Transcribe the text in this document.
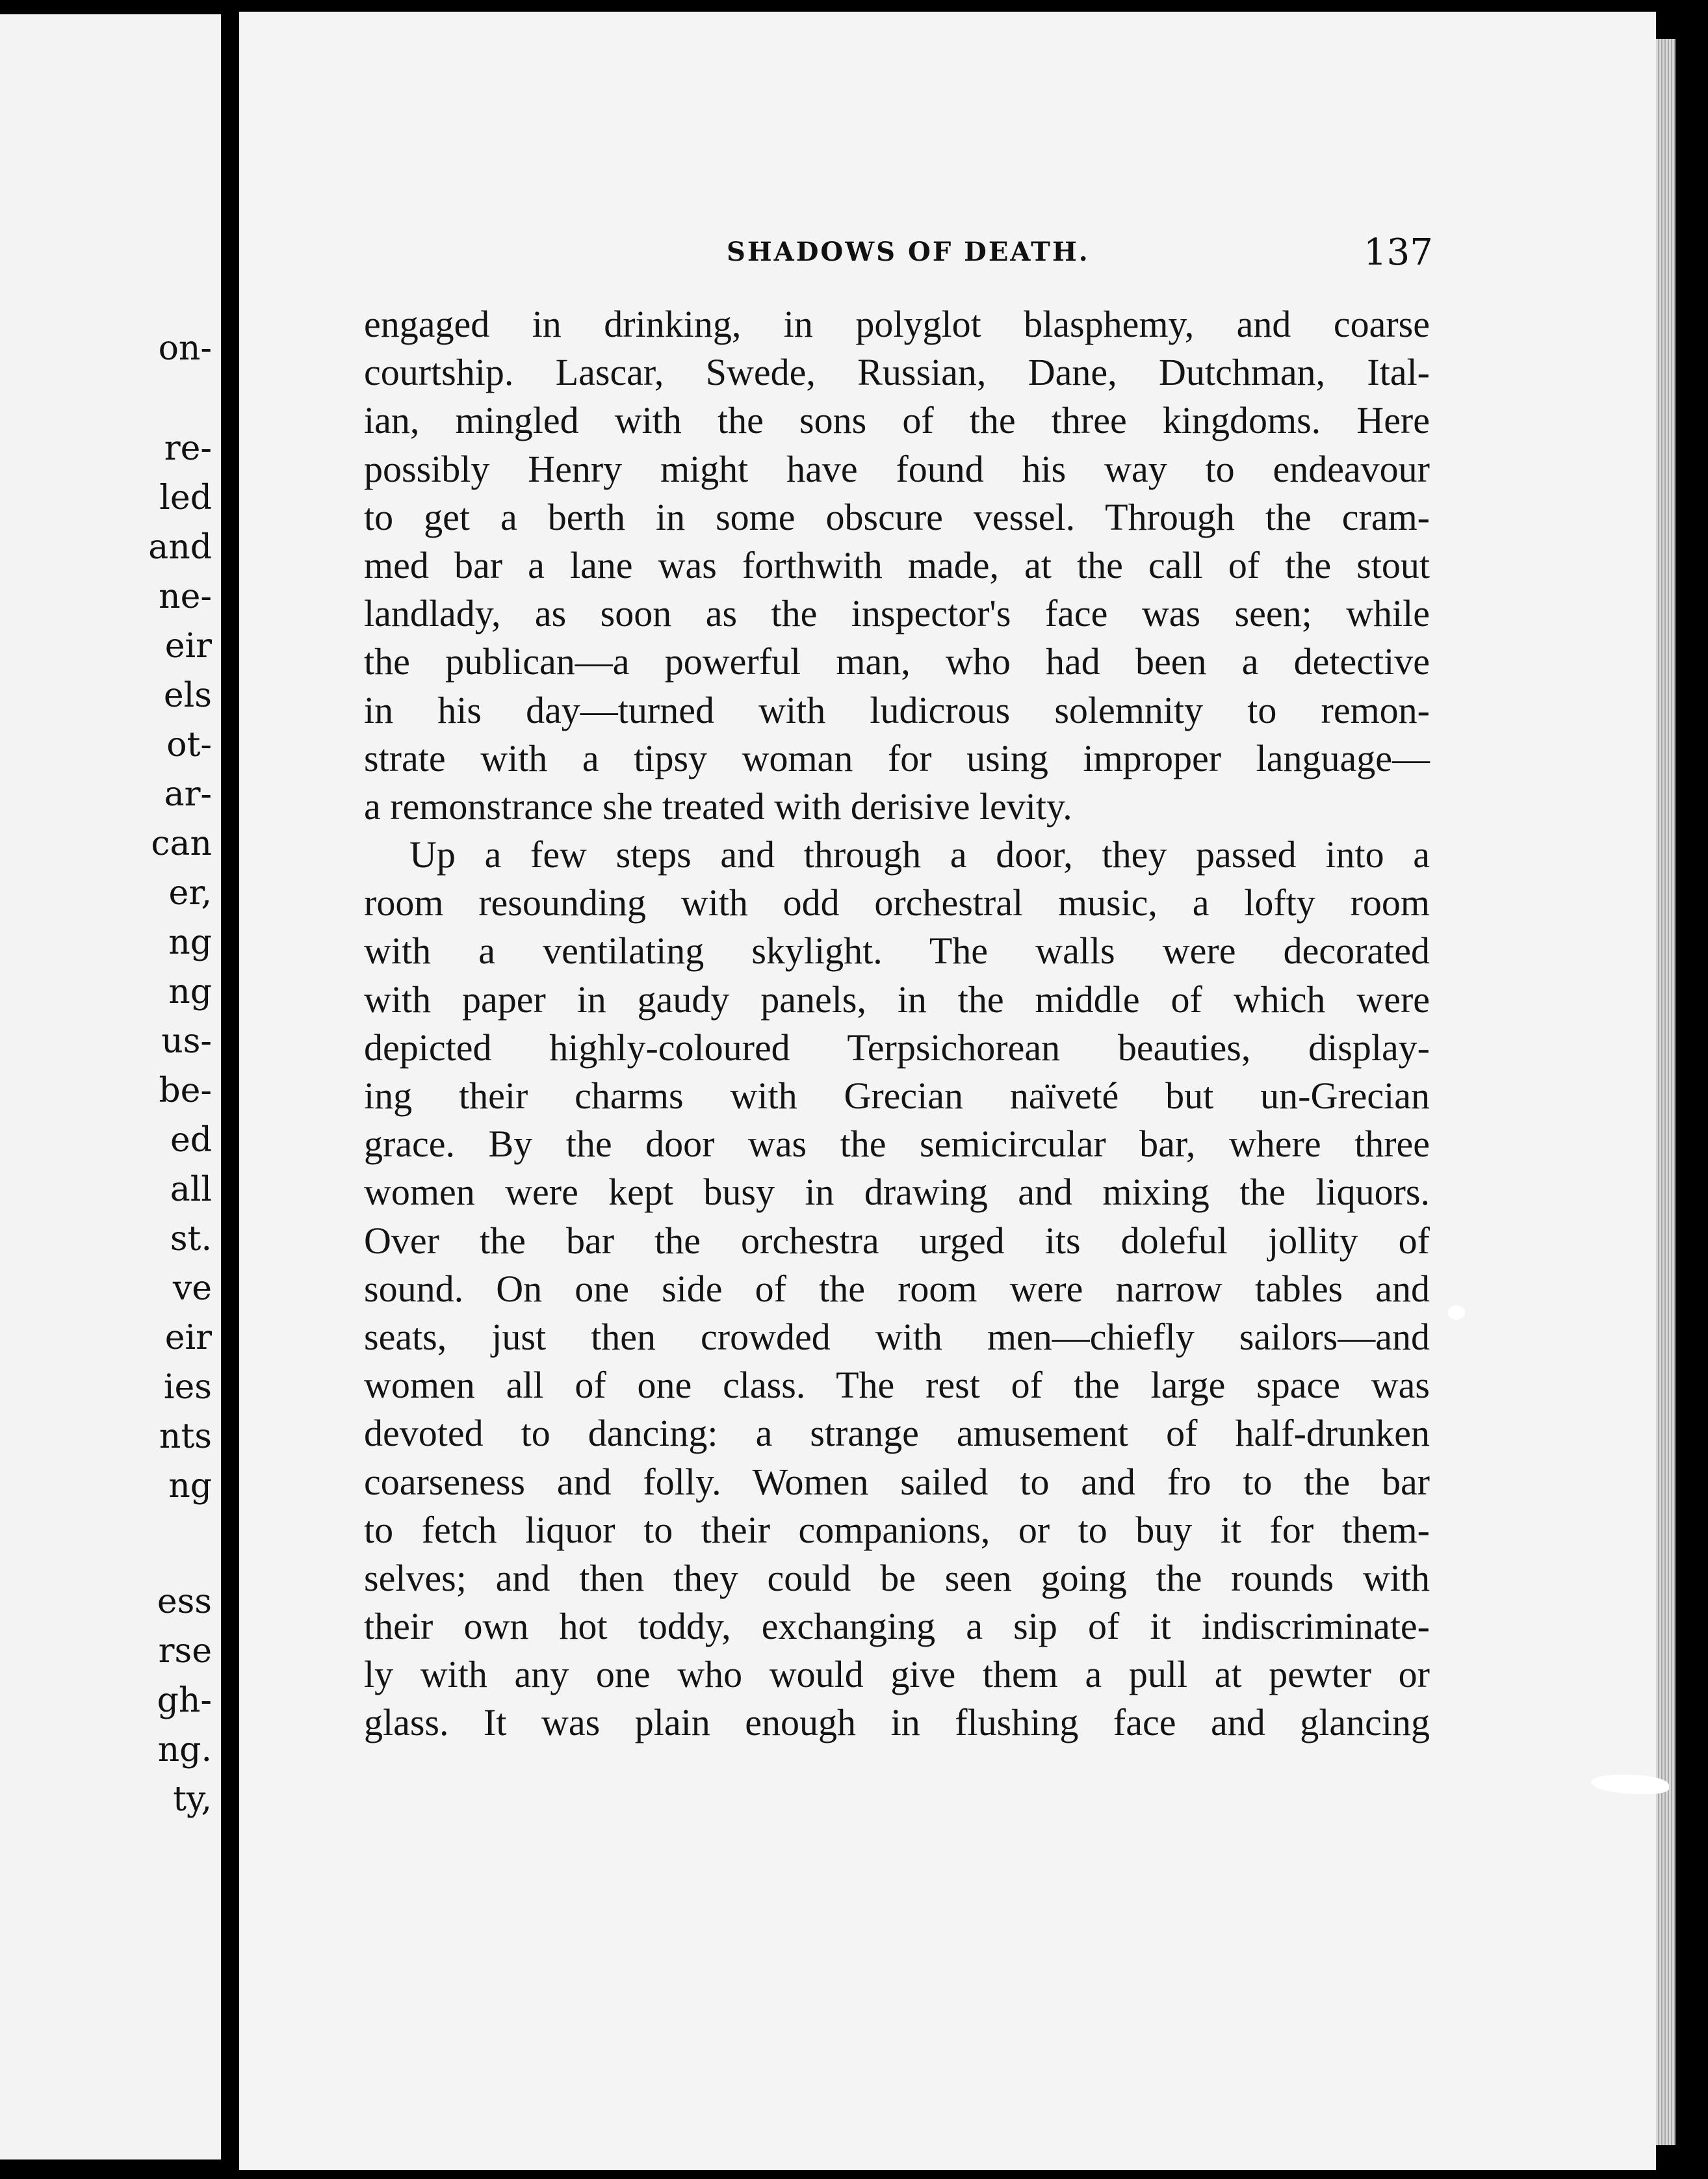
on-
re-
led
and
ne-
eir
els
ot-
ar-
can
er,
ng
ng
us-
be-
ed
all
st.
ve
eir
ies
nts
ng
ess
rse
gh-
ng.
ty,
SHADOWS OF DEATH.	137
engaged in drinking, in polyglot blasphemy, and coarse
courtship. Lascar, Swede, Russian, Dane, Dutchman, Ital-
ian, mingled with the sons of the three kingdoms. Here
possibly Henry might have found his way to endeavour
to get a berth in some obscure vessel. Through the cram-
med bar a lane was forthwith made, at the call of the stout
landlady, as soon as the inspector's face was seen; while
the publican—a powerful man, who had been a detective
in his day—turned with ludicrous solemnity to remon-
strate with a tipsy woman for using improper language—
a remonstrance she treated with derisive levity.
Up a few steps and through a door, they passed into a
room resounding with odd orchestral music, a lofty room
with a ventilating skylight. The walls were decorated
with paper in gaudy panels, in the middle of which were
depicted highly-coloured Terpsichorean beauties, display-
ing their charms with Grecian naïveté but un-Grecian
grace. By the door was the semicircular bar, where three
women were kept busy in drawing and mixing the liquors.
Over the bar the orchestra urged its doleful jollity of
sound. On one side of the room were narrow tables and
seats, just then crowded with men—chiefly sailors—and
women all of one class. The rest of the large space was
devoted to dancing: a strange amusement of half-drunken
coarseness and folly. Women sailed to and fro to the bar
to fetch liquor to their companions, or to buy it for them-
selves; and then they could be seen going the rounds with
their own hot toddy, exchanging a sip of it indiscriminate-
ly with any one who would give them a pull at pewter or
glass. It was plain enough in flushing face and glancing
